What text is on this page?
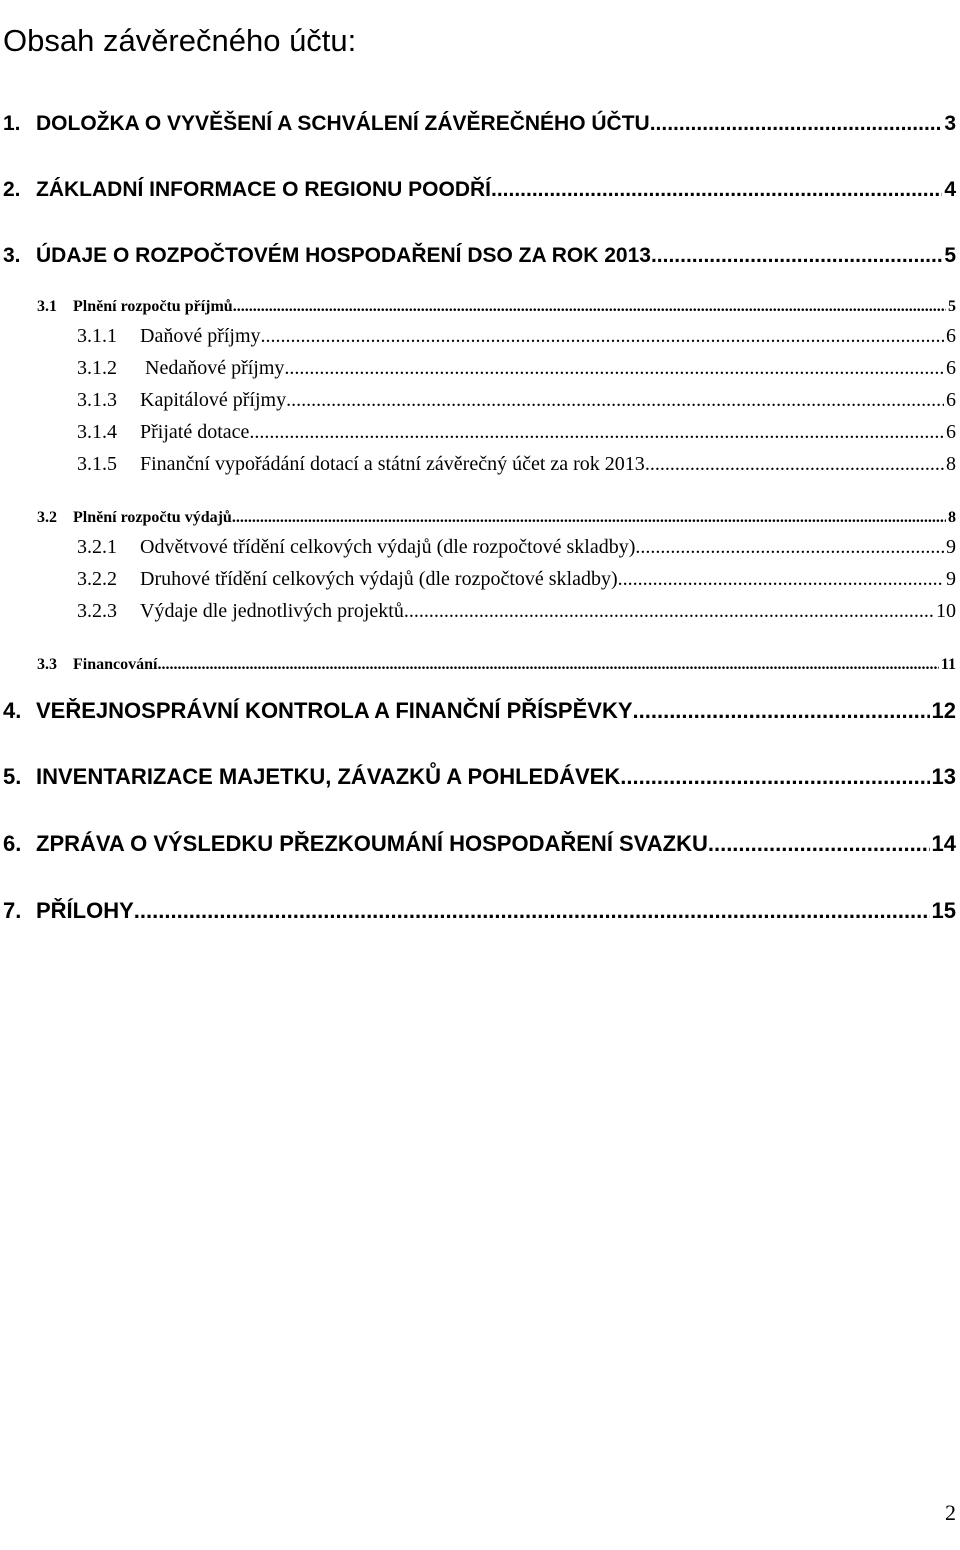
Obsah závěrečného účtu:
1. DOLOŽKA O VYVĚŠENÍ A SCHVÁLENÍ ZÁVĚREČNÉHO ÚČTU .....	3
2. ZÁKLADNÍ INFORMACE O REGIONU POODŘÍ .....	4
3. ÚDAJE O ROZPOČTOVÉM HOSPODAŘENÍ DSO ZA ROK 2013 .....	5
3.1 Plnění rozpočtu příjmů .....	5
3.1.1 Daňové příjmy .....	6
3.1.2 Nedaňové příjmy .....	6
3.1.3 Kapitálové příjmy .....	6
3.1.4 Přijaté dotace .....	6
3.1.5 Finanční vypořádání dotací a státní závěrečný účet za rok 2013 .....	8
3.2 Plnění rozpočtu výdajů .....	8
3.2.1 Odvětvové třídění celkových výdajů (dle rozpočtové skladby) .....	9
3.2.2 Druhové třídění celkových výdajů (dle rozpočtové skladby) .....	9
3.2.3 Výdaje dle jednotlivých projektů .....	10
3.3 Financování .....	11
4. VEŘEJNOSPRÁVNÍ KONTROLA A FINANČNÍ PŘÍSPĚVKY .....	12
5. INVENTARIZACE MAJETKU, ZÁVAZKŮ A POHLEDÁVEK .....	13
6. ZPRÁVA O VÝSLEDKU PŘEZKOUMÁNÍ HOSPODAŘENÍ SVAZKU .....	14
7. PŘÍLOHY .....	15
2
